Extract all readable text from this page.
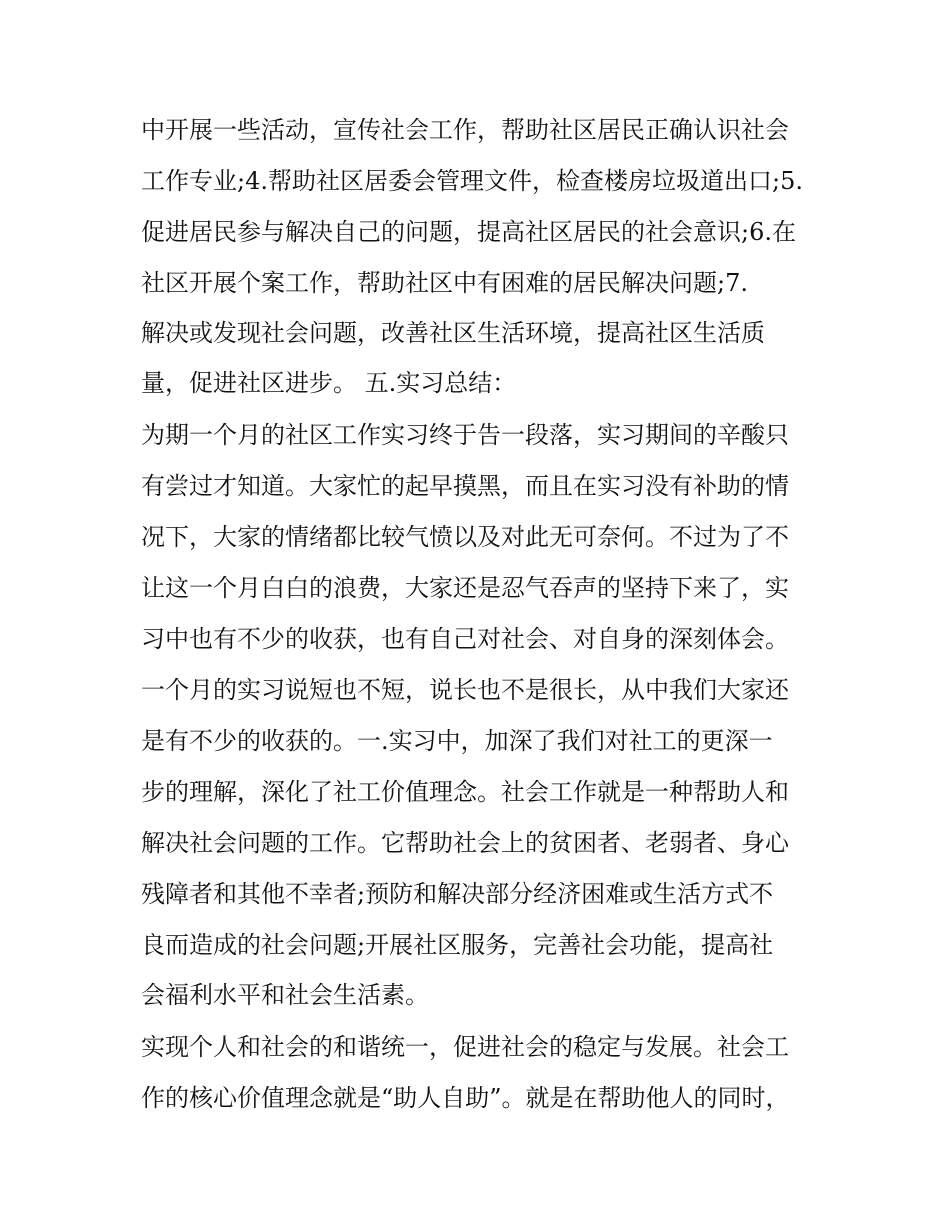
中开展一些活动，宣传社会工作，帮助社区居民正确认识社会
工作专业;4.帮助社区居委会管理文件，检查楼房垃圾道出口;5.
促进居民参与解决自己的问题，提高社区居民的社会意识;6.在
社区开展个案工作，帮助社区中有困难的居民解决问题;7.
解决或发现社会问题，改善社区生活环境，提高社区生活质
量，促进社区进步。 五.实习总结：
为期一个月的社区工作实习终于告一段落，实习期间的辛酸只
有尝过才知道。大家忙的起早摸黑，而且在实习没有补助的情
况下，大家的情绪都比较气愤以及对此无可奈何。不过为了不
让这一个月白白的浪费，大家还是忍气吞声的坚持下来了，实
习中也有不少的收获，也有自己对社会、对自身的深刻体会。
一个月的实习说短也不短，说长也不是很长，从中我们大家还
是有不少的收获的。一.实习中，加深了我们对社工的更深一
步的理解，深化了社工价值理念。社会工作就是一种帮助人和
解决社会问题的工作。它帮助社会上的贫困者、老弱者、身心
残障者和其他不幸者;预防和解决部分经济困难或生活方式不
良而造成的社会问题;开展社区服务，完善社会功能，提高社
会福利水平和社会生活素。
实现个人和社会的和谐统一，促进社会的稳定与发展。社会工
作的核心价值理念就是“助人自助”。就是在帮助他人的同时，
